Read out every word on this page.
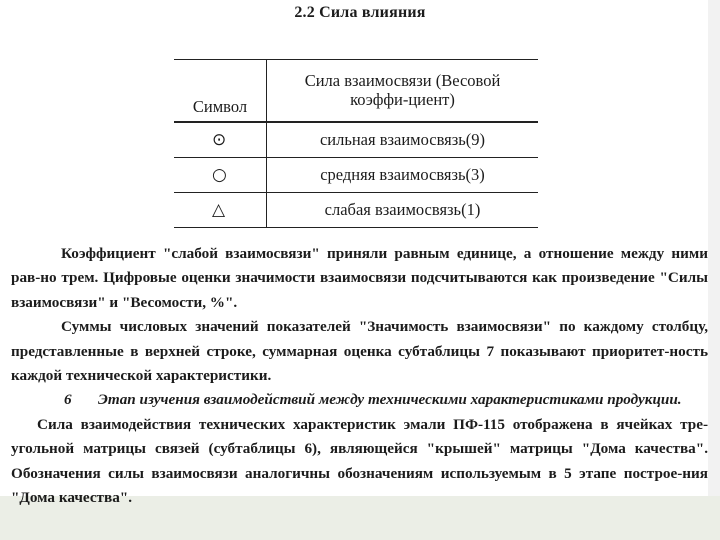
2.2 Сила влияния
Символ	Сила взаимосвязи (Весовой коэффи-циент)

⊙	сильная взаимосвязь(9)
○	средняя взаимосвязь(3)
△	слабая взаимосвязь(1)

Коэффициент "слабой взаимосвязи" приняли равным единице, а отношение между ними рав-но трем. Цифровые оценки значимости взаимосвязи подсчитываются как произведение "Силы взаимосвязи" и "Весомости, %".

Суммы числовых значений показателей "Значимость взаимосвязи" по каждому столбцу, представленные в верхней строке, суммарная оценка субтаблицы 7 показывают приоритет-ность каждой технической характеристики.

6 Этап изучения взаимодействий между техническими характеристиками продукции.

Сила взаимодействия технических характеристик эмали ПФ-115 отображена в ячейках тре-угольной матрицы связей (субтаблицы 6), являющейся "крышей" матрицы "Дома качества". Обозначения силы взаимосвязи аналогичны обозначениям используемым в 5 этапе построе-ния "Дома качества".
